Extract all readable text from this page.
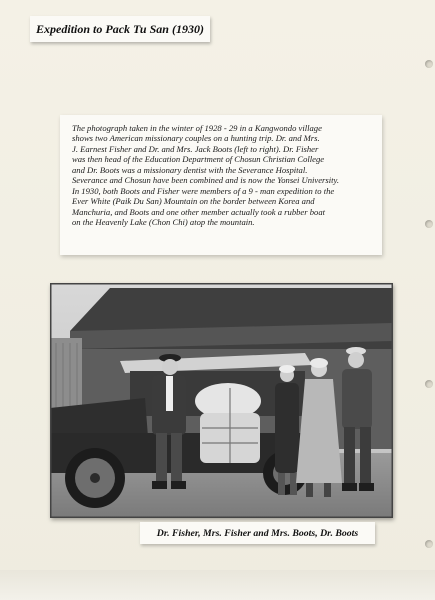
Expedition to Pack Tu San (1930)
The photograph taken in the winter of 1928 - 29 in a Kangwondo village
shows two American missionary couples on a hunting trip. Dr. and Mrs.
J. Earnest Fisher and Dr. and Mrs. Jack Boots (left to right). Dr. Fisher
was then head of the Education Department of Chosun Christian College
and Dr. Boots was a missionary dentist with the Severance Hospital.
Severance and Chosun have been combined and is now the Yonsei University.
In 1930, both Boots and Fisher were members of a 9 - man expedition to the
Ever White (Paik Du San) Mountain on the border between Korea and
Manchuria, and Boots and one other member actually took a rubber boat
on the Heavenly Lake (Chon Chi) atop the mountain.
Dr. Fisher, Mrs. Fisher and Mrs. Boots, Dr. Boots
